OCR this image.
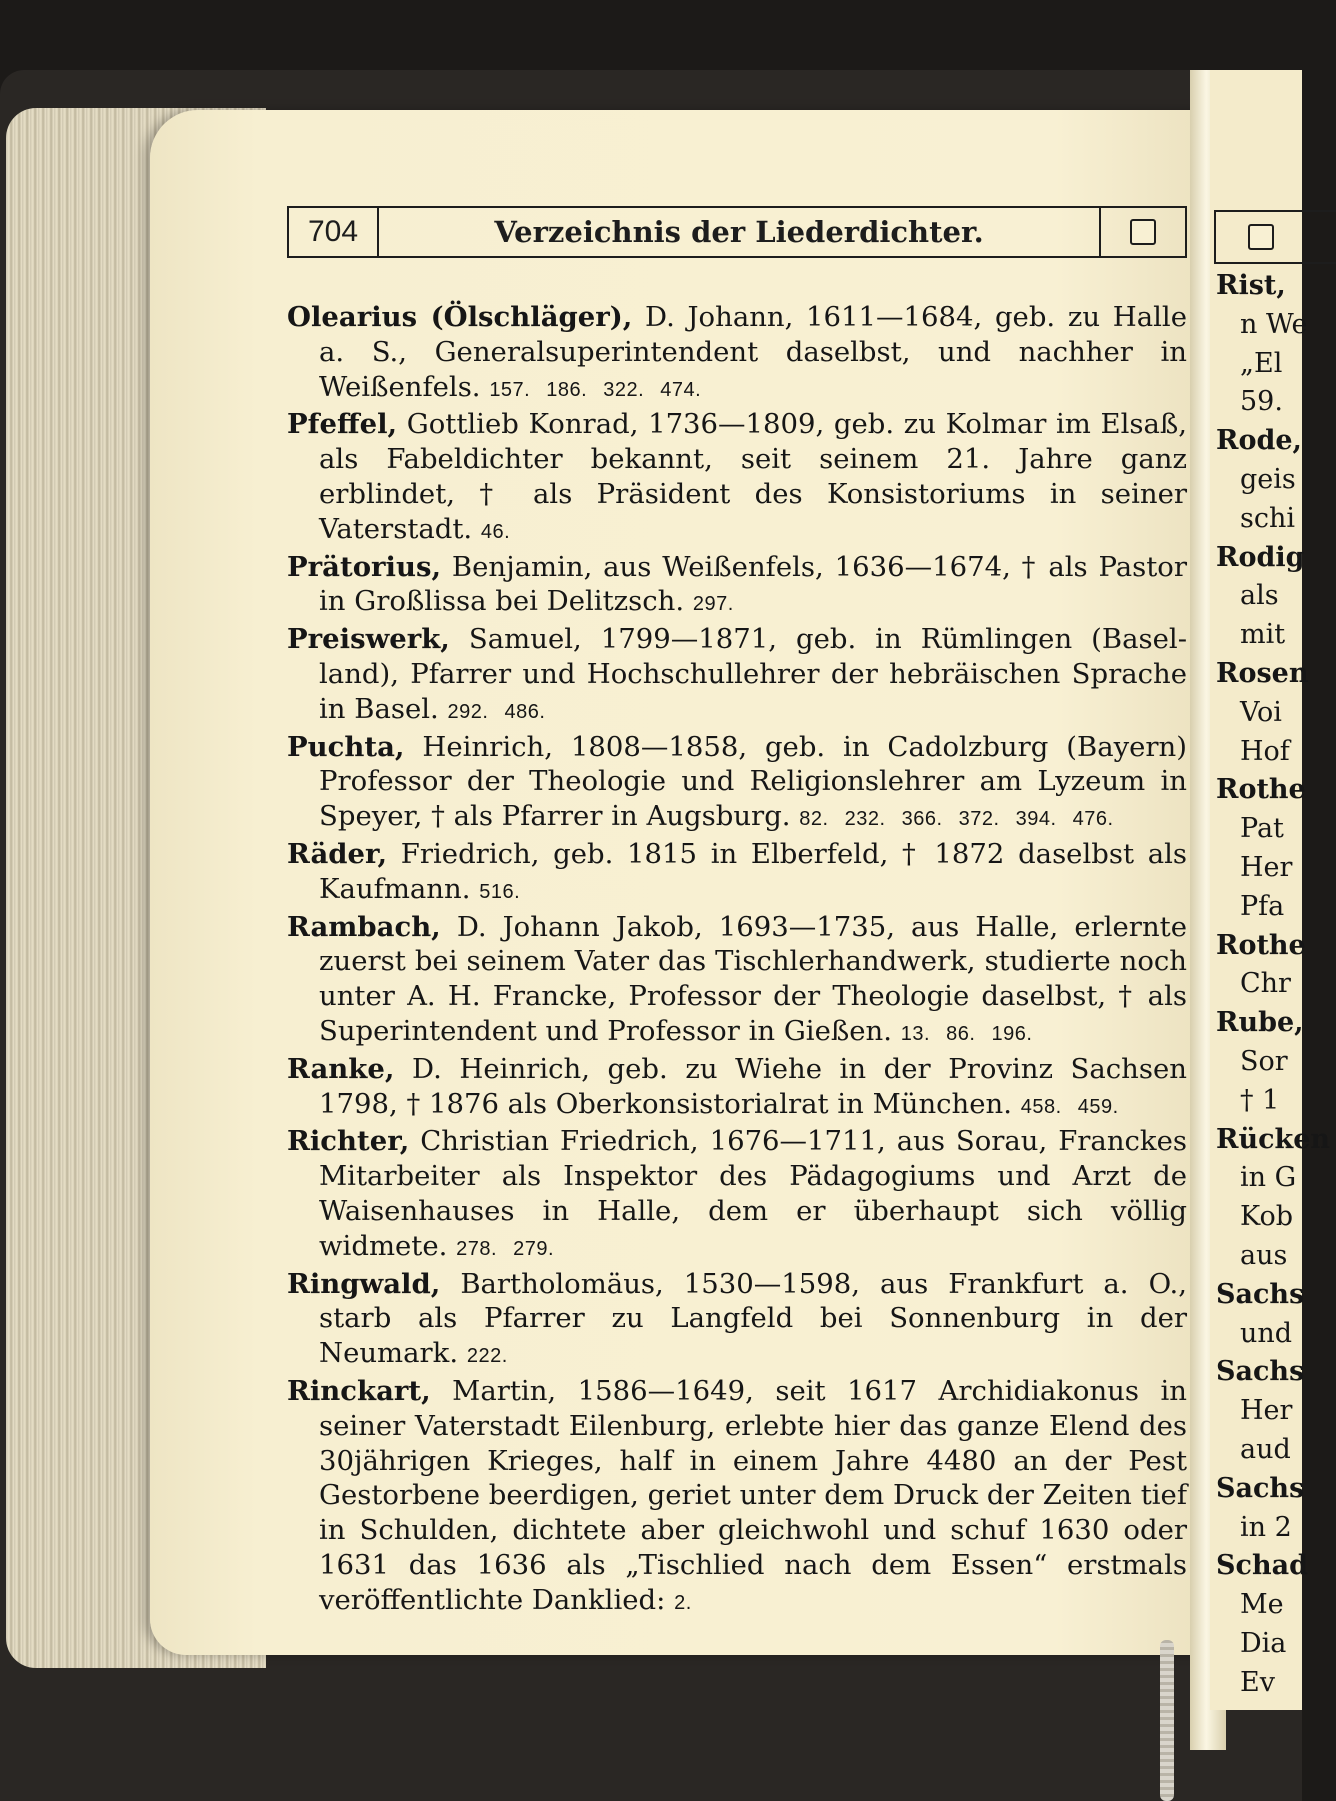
Rist,
n We
„El
59.
Rode,
geis
schi
Rodig
als
mit
Rosen
Voi
Hof
Rothe
Pat
Her
Pfa
Rothe
Chr
Rube,
Sor
† 1
Rücken
in G
Kob
aus
Sachs
und
Sachs
Her
aud
Sachs
in 2
Schad
Me
Dia
Ev
704	Verzeichnis der Liederdichter.

Olearius (Ölschläger), D. Johann, 1611—1684, geb. zu Halle a. S., Generalsuperintendent daselbst, und nachher in Weißenfels. 157. 186. 322. 474.

Pfeffel, Gottlieb Konrad, 1736—1809, geb. zu Kolmar im Elsaß, als Fabeldichter bekannt, seit seinem 21. Jahre ganz erblindet, † als Präsident des Konsistoriums in seiner Vaterstadt. 46.

Prätorius, Benjamin, aus Weißenfels, 1636—1674, † als Pastor in Großlissa bei Delitzsch. 297.

Preiswerk, Samuel, 1799—1871, geb. in Rümlingen (Basel-land), Pfarrer und Hochschullehrer der hebräischen Sprache in Basel. 292. 486.

Puchta, Heinrich, 1808—1858, geb. in Cadolzburg (Bayern) Professor der Theologie und Religionslehrer am Lyzeum in Speyer, † als Pfarrer in Augsburg. 82. 232. 366. 372. 394. 476.

Räder, Friedrich, geb. 1815 in Elberfeld, † 1872 daselbst als Kaufmann. 516.

Rambach, D. Johann Jakob, 1693—1735, aus Halle, erlernte zuerst bei seinem Vater das Tischlerhandwerk, studierte noch unter A. H. Francke, Professor der Theologie daselbst, † als Superintendent und Professor in Gießen. 13. 86. 196.

Ranke, D. Heinrich, geb. zu Wiehe in der Provinz Sachsen 1798, † 1876 als Oberkonsistorialrat in München. 458. 459.

Richter, Christian Friedrich, 1676—1711, aus Sorau, Franckes Mitarbeiter als Inspektor des Pädagogiums und Arzt de Waisenhauses in Halle, dem er überhaupt sich völlig widmete. 278. 279.

Ringwald, Bartholomäus, 1530—1598, aus Frankfurt a. O., starb als Pfarrer zu Langfeld bei Sonnenburg in der Neumark. 222.

Rinckart, Martin, 1586—1649, seit 1617 Archidiakonus in seiner Vaterstadt Eilenburg, erlebte hier das ganze Elend des 30jährigen Krieges, half in einem Jahre 4480 an der Pest Gestorbene beerdigen, geriet unter dem Druck der Zeiten tief in Schulden, dichtete aber gleichwohl und schuf 1630 oder 1631 das 1636 als „Tischlied nach dem Essen“ erstmals veröffentlichte Danklied: 2.
